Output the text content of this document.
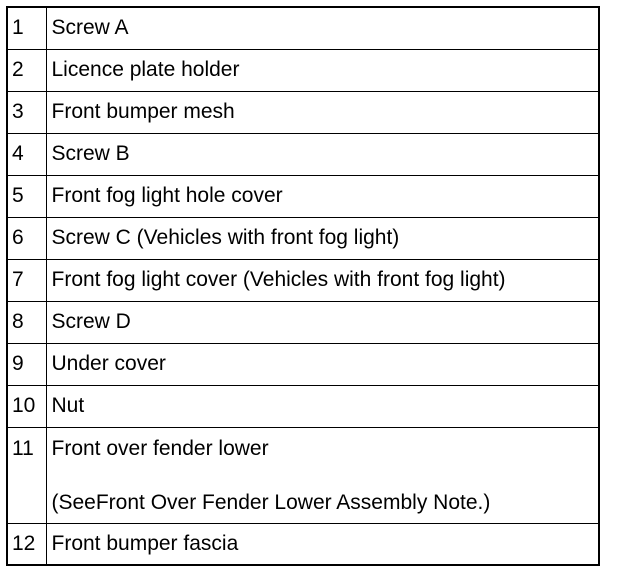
1	Screw A
2	Licence plate holder
3	Front bumper mesh
4	Screw B
5	Front fog light hole cover
6	Screw C (Vehicles with front fog light)
7	Front fog light cover (Vehicles with front fog light)
8	Screw D
9	Under cover
10	Nut
11	Front over fender lower
(SeeFront Over Fender Lower Assembly Note.)

12	Front bumper fascia
